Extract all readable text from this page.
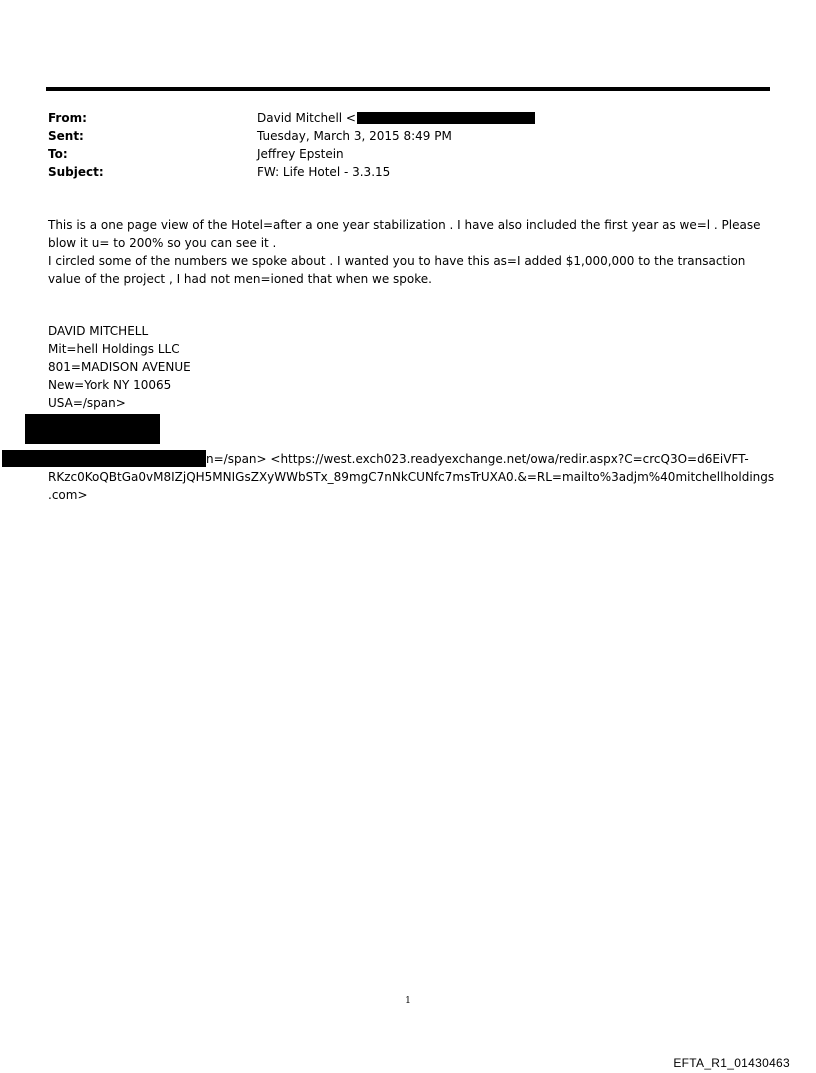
From:	David Mitchell <
Sent:	Tuesday, March 3, 2015 8:49 PM
To:	Jeffrey Epstein
Subject:	FW: Life Hotel - 3.3.15

This is a one page view of the Hotel=after a one year stabilization . I have also included the first year as we=l . Please blow it u= to 200% so you can see it .

I circled some of the numbers we spoke about . I wanted you to have this as=I added $1,000,000 to the transaction value of the project , I had not men=ioned that when we spoke.

DAVID MITCHELL
Mit=hell Holdings LLC
801=MADISON AVENUE
New=York NY 10065
USA=/span>
n=/span> <https://west.exch023.readyexchange.net/owa/redir.aspx?C=crcQ3O=d6EiVFT-
RKzc0KoQBtGa0vM8IZjQH5MNIGsZXyWWbSTx_89mgC7nNkCUNfc7msTrUXA0.&=RL=mailto%3adjm%40mitchellholdings
.com>
1
EFTA_R1_01430463
